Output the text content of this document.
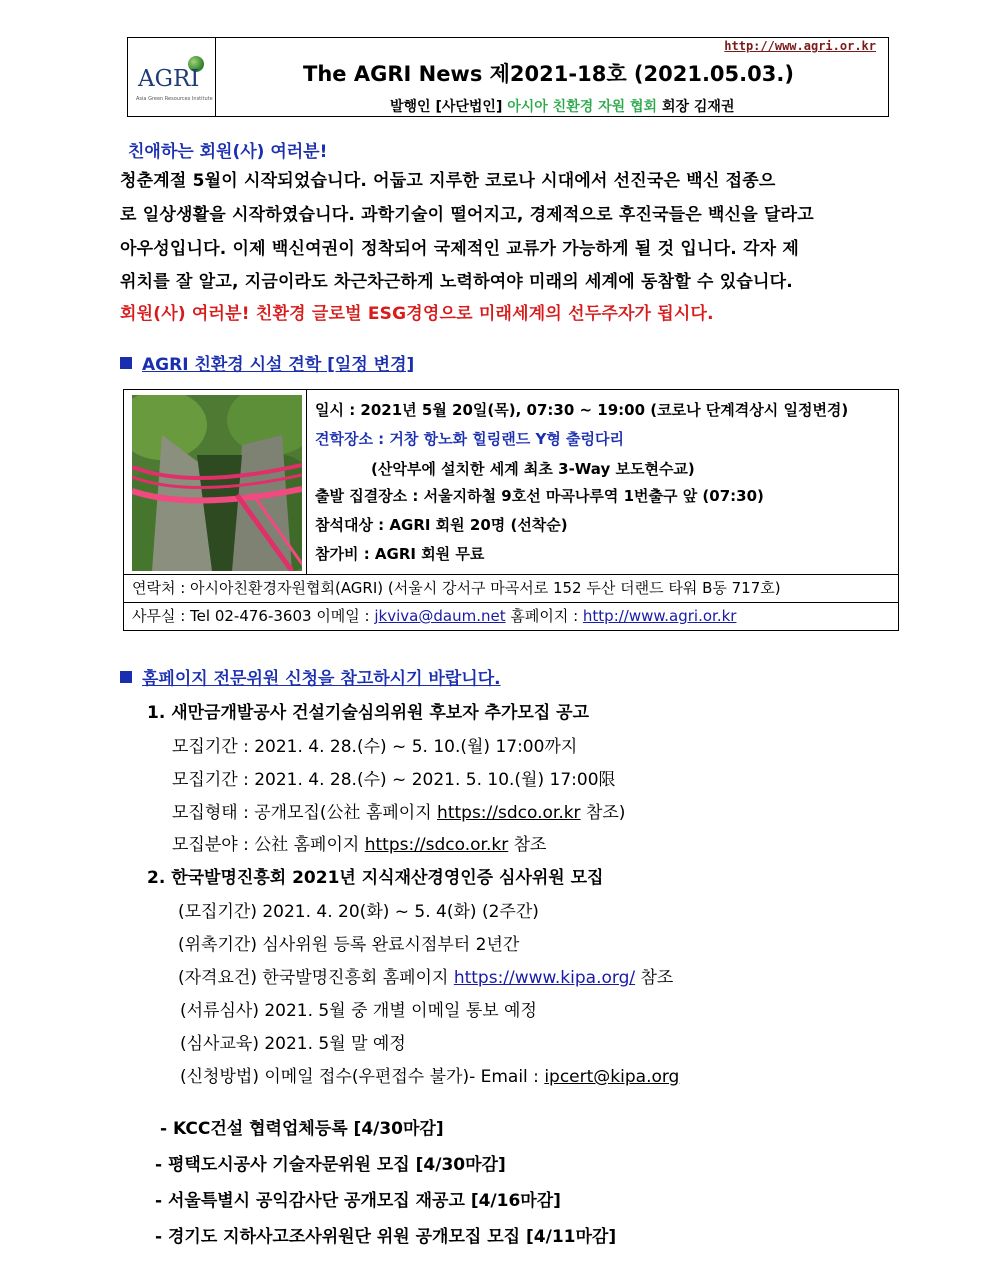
AGRI
Asia Green Resources Institute
http://www.agri.or.kr
The AGRI News 제2021-18호 (2021.05.03.)
발행인 [사단법인] 아시아 친환경 자원 협회 회장 김재권
친애하는 회원(사) 여러분!
청춘계절 5월이 시작되었습니다. 어둡고 지루한 코로나 시대에서 선진국은 백신 접종으
로 일상생활을 시작하였습니다. 과학기술이 떨어지고, 경제적으로 후진국들은 백신을 달라고
아우성입니다. 이제 백신여권이 정착되어 국제적인 교류가 가능하게 될 것 입니다. 각자 제
위치를 잘 알고, 지금이라도 차근차근하게 노력하여야 미래의 세계에 동참할 수 있습니다.
회원(사) 여러분! 친환경 글로벌 ESG경영으로 미래세계의 선두주자가 됩시다.
AGRI 친환경 시설 견학 [일정 변경]
일시 : 2021년 5월 20일(목), 07:30 ~ 19:00 (코로나 단계격상시 일정변경)
견학장소 : 거창 항노화 힐링랜드 Y형 출렁다리
(산악부에 설치한 세계 최초 3-Way 보도현수교)
출발 집결장소 : 서울지하철 9호선 마곡나루역 1번출구 앞 (07:30)
참석대상 : AGRI 회원 20명 (선착순)
참가비 : AGRI 회원 무료
연락처 : 아시아친환경자원협회(AGRI) (서울시 강서구 마곡서로 152 두산 더랜드 타워 B동 717호)
사무실 : Tel 02-476-3603 이메일 : jkviva@daum.net 홈페이지 : http://www.agri.or.kr
홈페이지 전문위원 신청을 참고하시기 바랍니다.
1. 새만금개발공사 건설기술심의위원 후보자 추가모집 공고
모집기간 : 2021. 4. 28.(수) ~ 5. 10.(월) 17:00까지
모집기간 : 2021. 4. 28.(수) ~ 2021. 5. 10.(월) 17:00限
모집형태 : 공개모집(公社 홈페이지 https://sdco.or.kr 참조)
모집분야 : 公社 홈페이지 https://sdco.or.kr 참조
2. 한국발명진흥회 2021년 지식재산경영인증 심사위원 모집
(모집기간) 2021. 4. 20(화) ~ 5. 4(화) (2주간)
(위촉기간) 심사위원 등록 완료시점부터 2년간
(자격요건) 한국발명진흥회 홈페이지 https://www.kipa.org/ 참조
(서류심사) 2021. 5월 중 개별 이메일 통보 예정
(심사교육) 2021. 5월 말 예정
(신청방법) 이메일 접수(우편접수 불가)- Email : ipcert@kipa.org
- KCC건설 협력업체등록 [4/30마감]
- 평택도시공사 기술자문위원 모집 [4/30마감]
- 서울특별시 공익감사단 공개모집 재공고 [4/16마감]
- 경기도 지하사고조사위원단 위원 공개모집 모집 [4/11마감]
